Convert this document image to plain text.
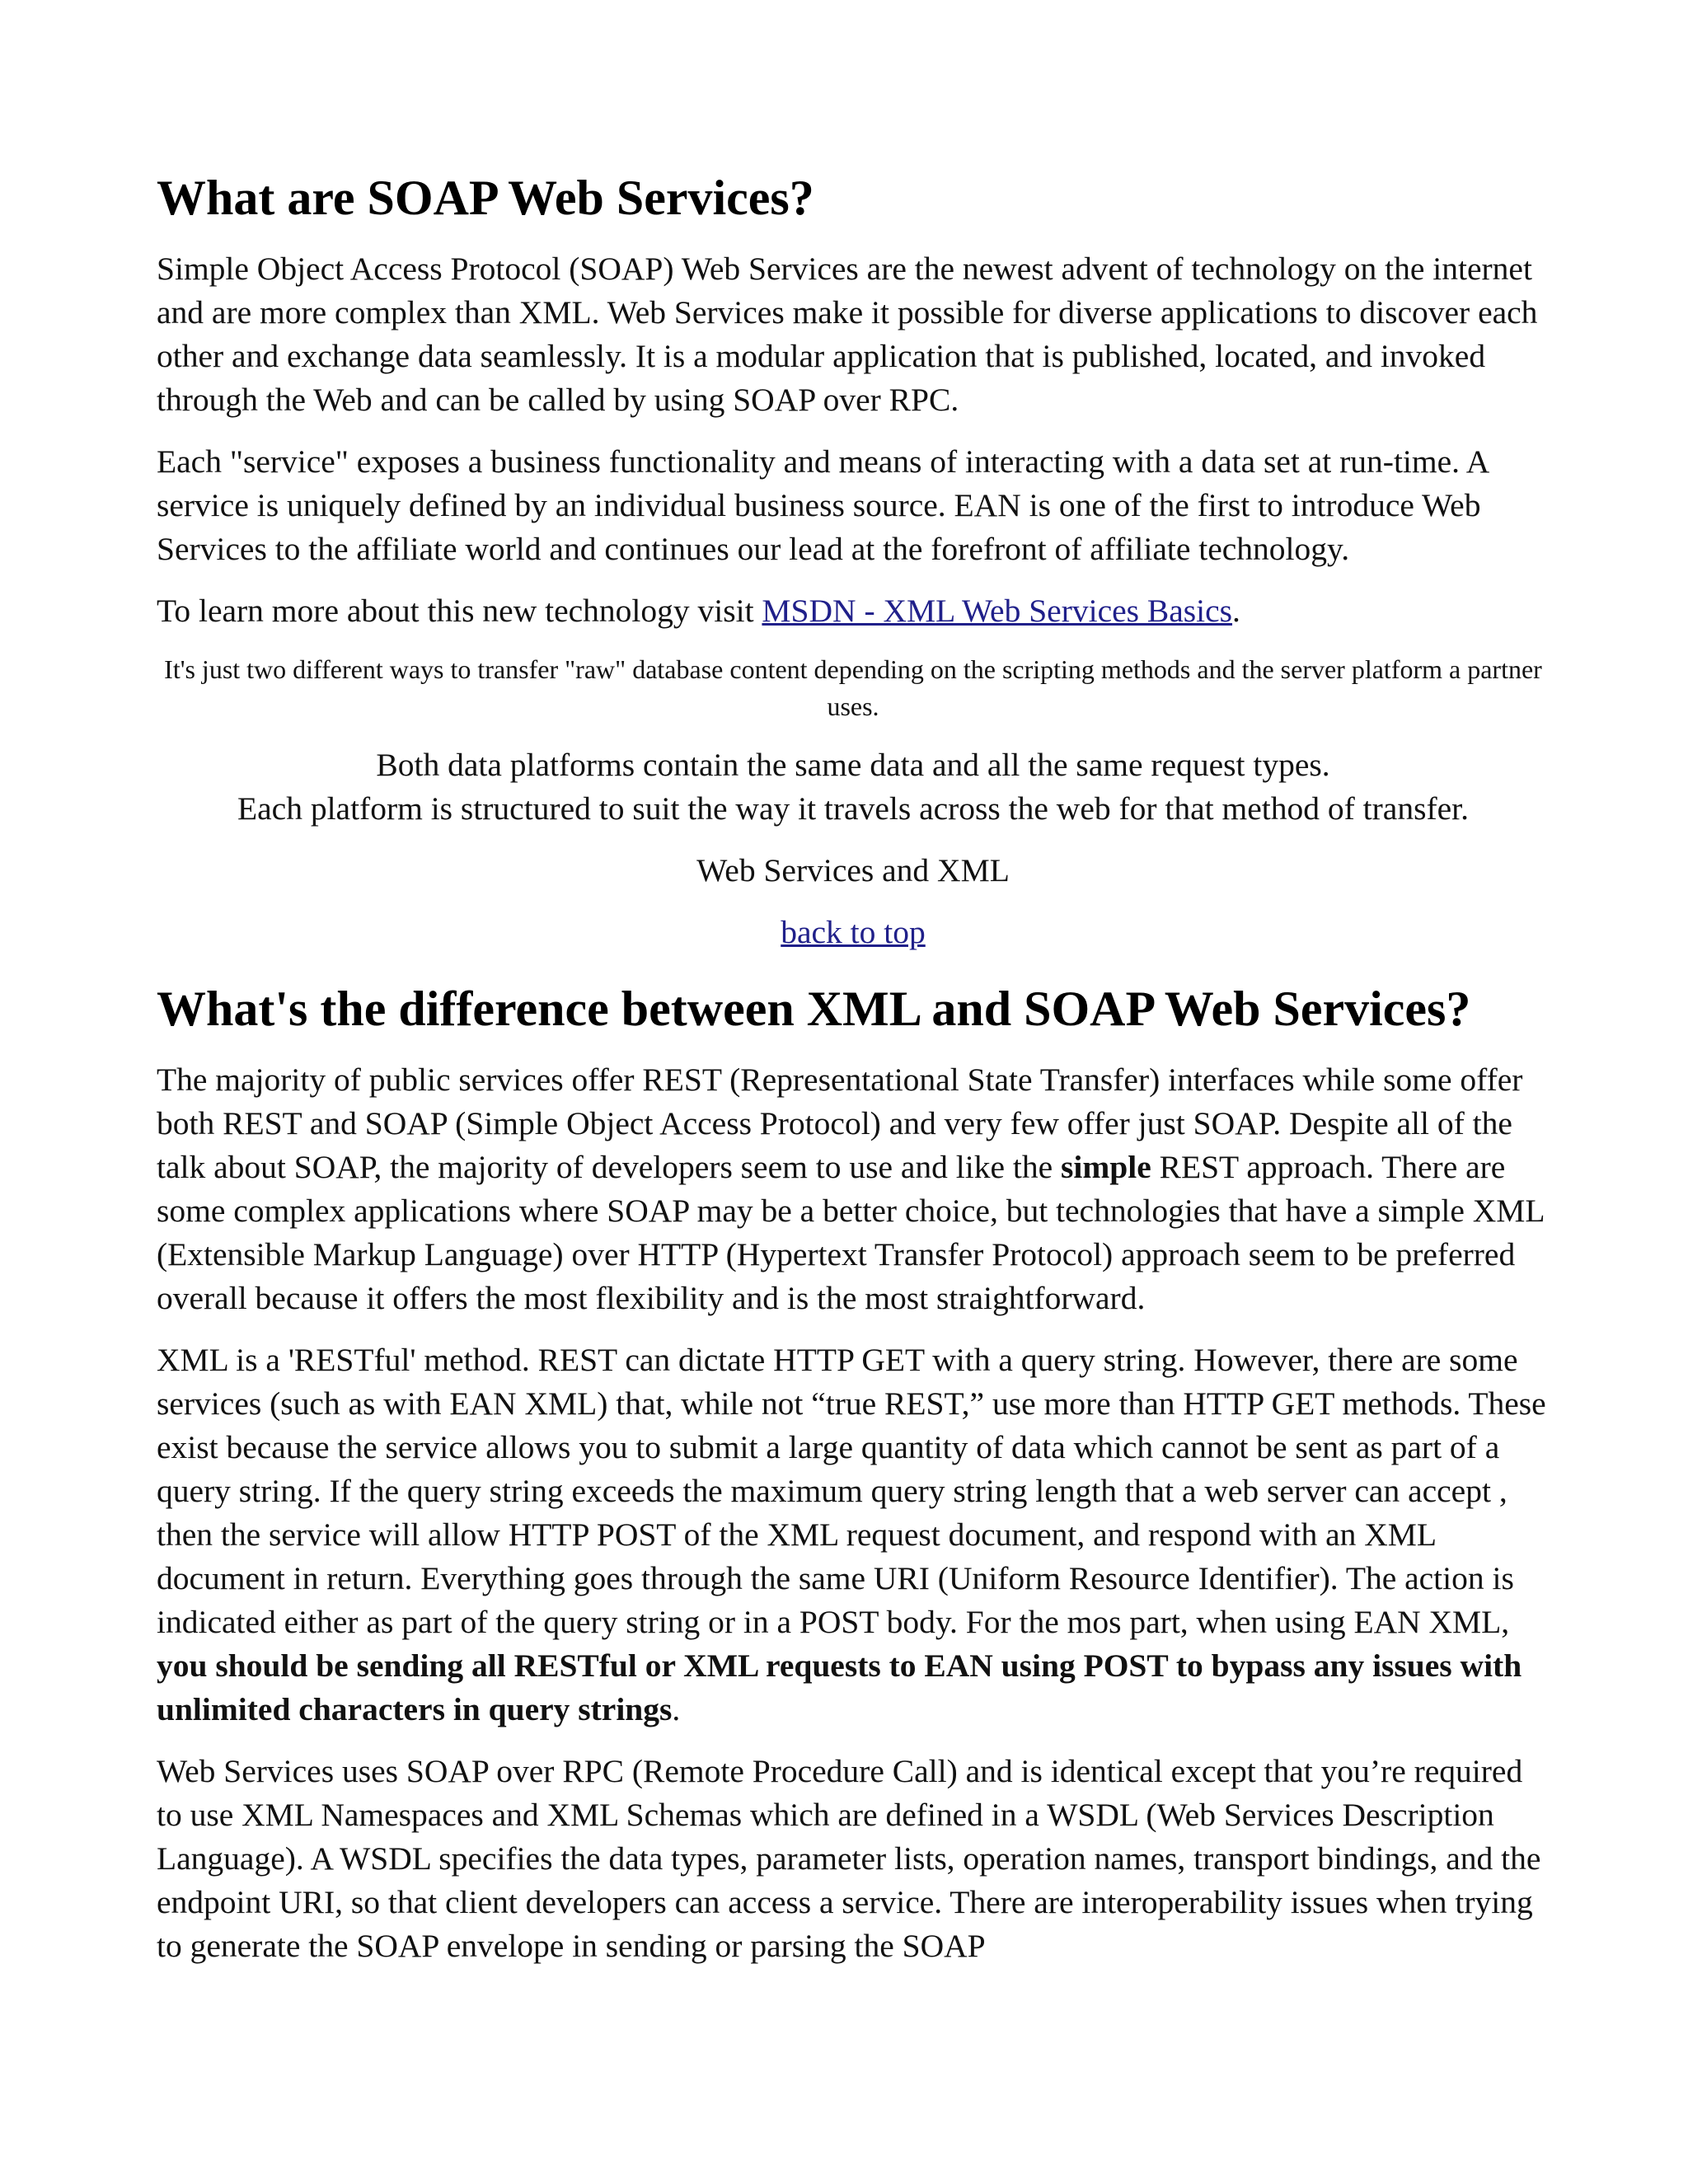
What are SOAP Web Services?

Simple Object Access Protocol (SOAP) Web Services are the newest advent of technology on the internet and are more complex than XML. Web Services make it possible for diverse applications to discover each other and exchange data seamlessly. It is a modular application that is published, located, and invoked through the Web and can be called by using SOAP over RPC.

Each "service" exposes a business functionality and means of interacting with a data set at run-time. A service is uniquely defined by an individual business source. EAN is one of the first to introduce Web Services to the affiliate world and continues our lead at the forefront of affiliate technology.

To learn more about this new technology visit MSDN - XML Web Services Basics.

It's just two different ways to transfer "raw" database content depending on the scripting methods and the server platform a partner uses.

Both data platforms contain the same data and all the same request types.
Each platform is structured to suit the way it travels across the web for that method of transfer.

Web Services and XML

back to top

What's the difference between XML and SOAP Web Services?

The majority of public services offer REST (Representational State Transfer) interfaces while some offer both REST and SOAP (Simple Object Access Protocol) and very few offer just SOAP. Despite all of the talk about SOAP, the majority of developers seem to use and like the simple REST approach. There are some complex applications where SOAP may be a better choice, but technologies that have a simple XML (Extensible Markup Language) over HTTP (Hypertext Transfer Protocol) approach seem to be preferred overall because it offers the most flexibility and is the most straightforward.

XML is a 'RESTful' method. REST can dictate HTTP GET with a query string. However, there are some services (such as with EAN XML) that, while not “true REST,” use more than HTTP GET methods. These exist because the service allows you to submit a large quantity of data which cannot be sent as part of a query string. If the query string exceeds the maximum query string length that a web server can accept , then the service will allow HTTP POST of the XML request document, and respond with an XML document in return. Everything goes through the same URI (Uniform Resource Identifier). The action is indicated either as part of the query string or in a POST body. For the mos part, when using EAN XML, you should be sending all RESTful or XML requests to EAN using POST to bypass any issues with unlimited characters in query strings.

Web Services uses SOAP over RPC (Remote Procedure Call) and is identical except that you’re required to use XML Namespaces and XML Schemas which are defined in a WSDL (Web Services Description Language). A WSDL specifies the data types, parameter lists, operation names, transport bindings, and the endpoint URI, so that client developers can access a service. There are interoperability issues when trying to generate the SOAP envelope in sending or parsing the SOAP
